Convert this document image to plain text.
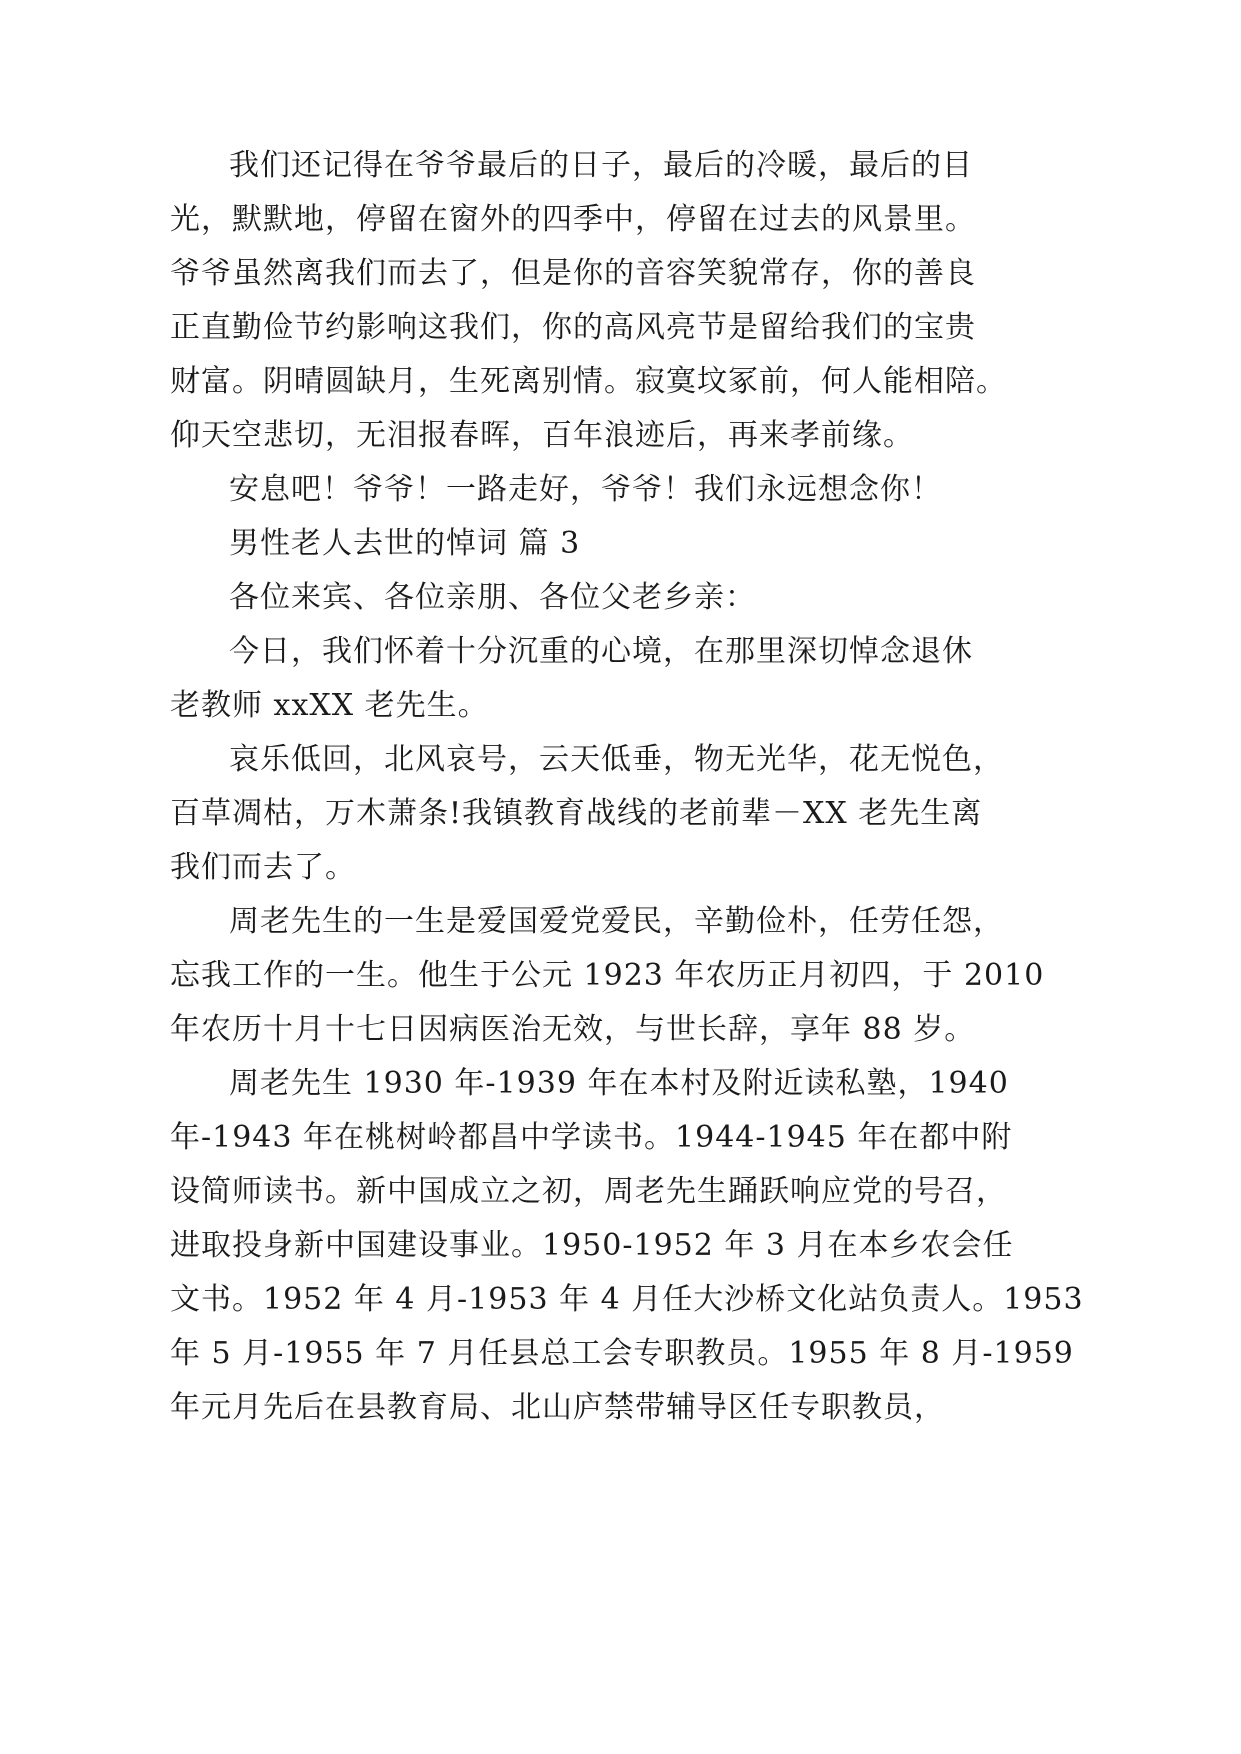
我们还记得在爷爷最后的日子，最后的冷暖，最后的目
光，默默地，停留在窗外的四季中，停留在过去的风景里。
爷爷虽然离我们而去了，但是你的音容笑貌常存，你的善良
正直勤俭节约影响这我们，你的高风亮节是留给我们的宝贵
财富。阴晴圆缺月，生死离别情。寂寞坟冢前，何人能相陪。
仰天空悲切，无泪报春晖，百年浪迹后，再来孝前缘。
安息吧！爷爷！一路走好，爷爷！我们永远想念你！
男性老人去世的悼词 篇 3
各位来宾、各位亲朋、各位父老乡亲：
今日，我们怀着十分沉重的心境，在那里深切悼念退休
老教师 xxXX 老先生。
哀乐低回，北风哀号，云天低垂，物无光华，花无悦色，
百草凋枯，万木萧条!我镇教育战线的老前辈－XX 老先生离
我们而去了。
周老先生的一生是爱国爱党爱民，辛勤俭朴，任劳任怨，
忘我工作的一生。他生于公元 1923 年农历正月初四，于 2010
年农历十月十七日因病医治无效，与世长辞，享年 88 岁。
周老先生 1930 年-1939 年在本村及附近读私塾，1940
年-1943 年在桃树岭都昌中学读书。1944-1945 年在都中附
设简师读书。新中国成立之初，周老先生踊跃响应党的号召，
进取投身新中国建设事业。1950-1952 年 3 月在本乡农会任
文书。1952 年 4 月-1953 年 4 月任大沙桥文化站负责人。1953
年 5 月-1955 年 7 月任县总工会专职教员。1955 年 8 月-1959
年元月先后在县教育局、北山庐禁带辅导区任专职教员，
